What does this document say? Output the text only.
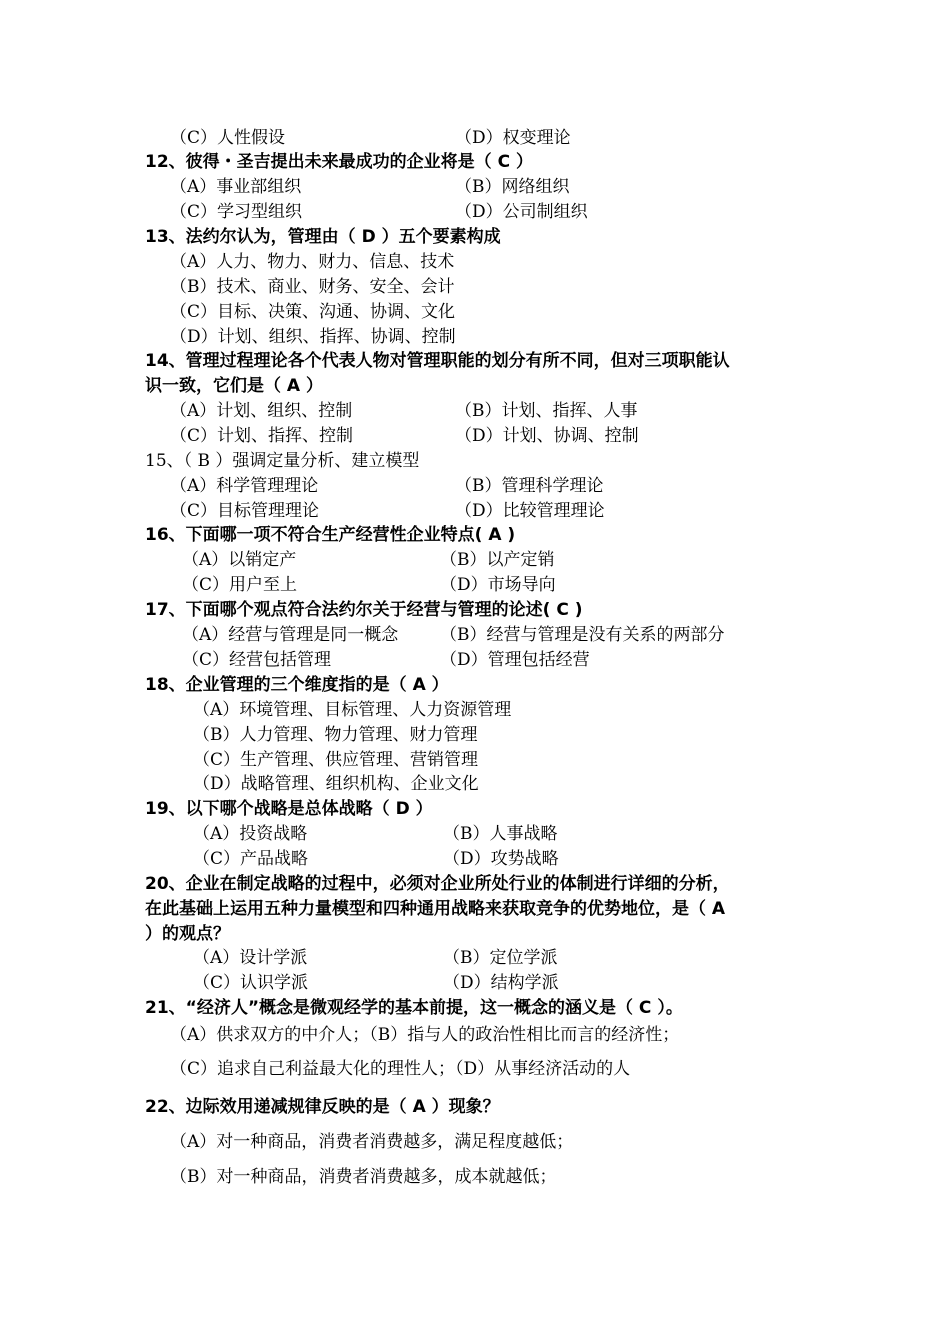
（C）人性假设	（D）权变理论
12、彼得・圣吉提出未来最成功的企业将是（ C ）
（A）事业部组织	（B）网络组织
（C）学习型组织	（D）公司制组织
13、法约尔认为，管理由（ D ）五个要素构成
（A）人力、物力、财力、信息、技术
（B）技术、商业、财务、安全、会计
（C）目标、决策、沟通、协调、文化
（D）计划、组织、指挥、协调、控制
14、管理过程理论各个代表人物对管理职能的划分有所不同，但对三项职能认
识一致，它们是（ A ）
（A）计划、组织、控制	（B）计划、指挥、人事
（C）计划、指挥、控制	（D）计划、协调、控制
15、（ B ）强调定量分析、建立模型
（A）科学管理理论	（B）管理科学理论
（C）目标管理理论	（D）比较管理理论
16、下面哪一项不符合生产经营性企业特点( A )
（A）以销定产	（B）以产定销
（C）用户至上	（D）市场导向
17、下面哪个观点符合法约尔关于经营与管理的论述( C )
（A）经营与管理是同一概念 （B）经营与管理是没有关系的两部分
（C）经营包括管理	（D）管理包括经营
18、企业管理的三个维度指的是（ A ）
（A）环境管理、目标管理、人力资源管理
（B）人力管理、物力管理、财力管理
（C）生产管理、供应管理、营销管理
（D）战略管理、组织机构、企业文化
19、以下哪个战略是总体战略（ D ）
（A）投资战略	（B）人事战略
（C）产品战略	（D）攻势战略
20、企业在制定战略的过程中，必须对企业所处行业的体制进行详细的分析，
在此基础上运用五种力量模型和四种通用战略来获取竞争的优势地位，是（ A
）的观点？
（A）设计学派	（B）定位学派
（C）认识学派	（D）结构学派
21、“经济人”概念是微观经学的基本前提，这一概念的涵义是（ C ）。
（A）供求双方的中介人；（B）指与人的政治性相比而言的经济性；
（C）追求自己利益最大化的理性人；（D）从事经济活动的人
22、边际效用递减规律反映的是（ A ）现象？
（A）对一种商品，消费者消费越多，满足程度越低；
（B）对一种商品，消费者消费越多，成本就越低；
